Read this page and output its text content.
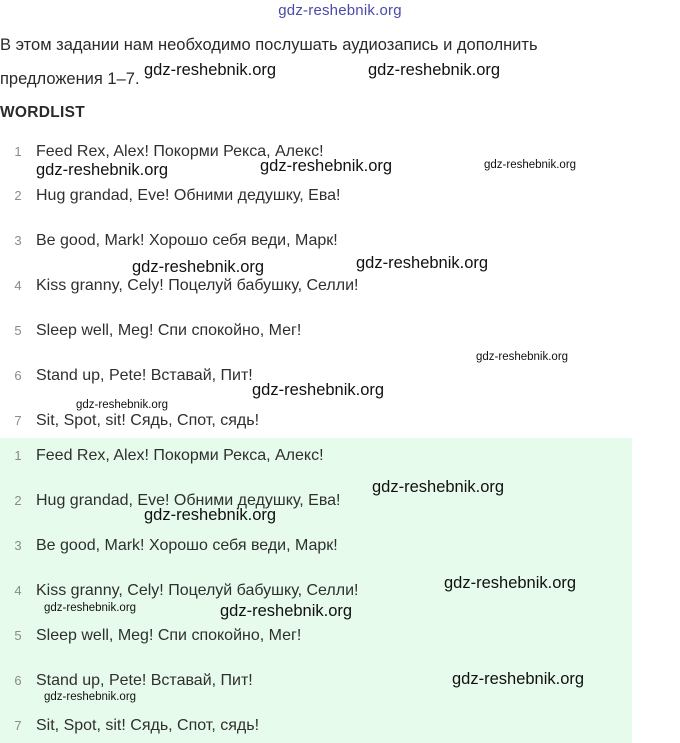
gdz-reshebnik.org
В этом задании нам необходимо послушать аудиозапись и дополнить предложения 1–7.
WORDLIST
1 Feed Rex, Alex! Покорми Рекса, Алекс!
2 Hug grandad, Eve! Обними дедушку, Ева!
3 Be good, Mark! Хорошо себя веди, Марк!
4 Kiss granny, Cely! Поцелуй бабушку, Селли!
5 Sleep well, Meg! Спи спокойно, Мег!
6 Stand up, Pete! Вставай, Пит!
7 Sit, Spot, sit! Сядь, Спот, сядь!
1 Feed Rex, Alex! Покорми Рекса, Алекс!
2 Hug grandad, Eve! Обними дедушку, Ева!
3 Be good, Mark! Хорошо себя веди, Марк!
4 Kiss granny, Cely! Поцелуй бабушку, Селли!
5 Sleep well, Meg! Спи спокойно, Мег!
6 Stand up, Pete! Вставай, Пит!
7 Sit, Spot, sit! Сядь, Спот, сядь!
gdz-reshebnik.org	gdz-reshebnik.org
gdz-reshebnik.org	gdz-reshebnik.org	gdz-reshebnik.org
gdz-reshebnik.org	gdz-reshebnik.org
gdz-reshebnik.org
gdz-reshebnik.org
gdz-reshebnik.org
gdz-reshebnik.org
gdz-reshebnik.org
gdz-reshebnik.org
gdz-reshebnik.org	gdz-reshebnik.org
gdz-reshebnik.org
gdz-reshebnik.org
